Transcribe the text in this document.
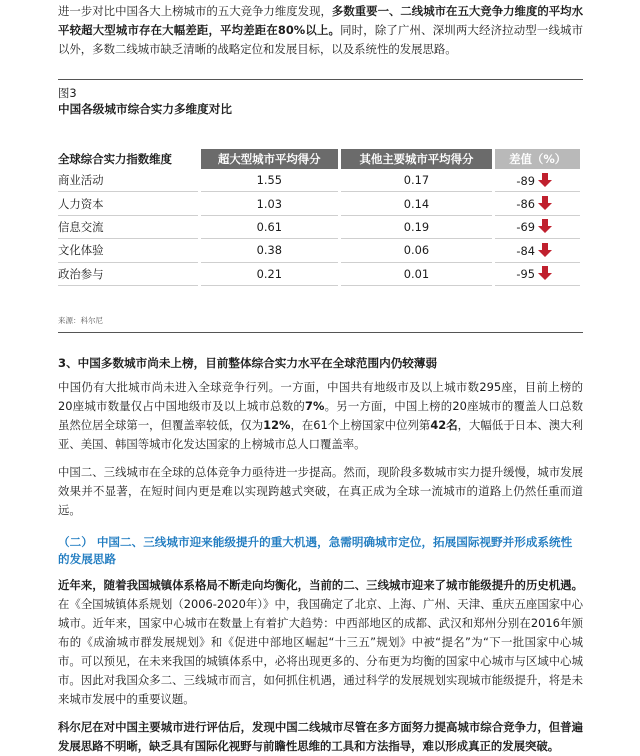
进一步对比中国各大上榜城市的五大竞争力维度发现，多数重要一、二线城市在五大竞争力维度的平均水平较超大型城市存在大幅差距，平均差距在80%以上。同时，除了广州、深圳两大经济拉动型一线城市以外，多数二线城市缺乏清晰的战略定位和发展目标，以及系统性的发展思路。

图3
中国各级城市综合实力多维度对比
全球综合实力指数维度	超大型城市平均得分	其他主要城市平均得分	差值（%）
商业活动	1.55	0.17	-89
人力资本	1.03	0.14	-86
信息交流	0.61	0.19	-69
文化体验	0.38	0.06	-84
政治参与	0.21	0.01	-95
来源：科尔尼
3、中国多数城市尚未上榜，目前整体综合实力水平在全球范围内仍较薄弱

中国仍有大批城市尚未进入全球竞争行列。一方面，中国共有地级市及以上城市数295座，目前上榜的20座城市数量仅占中国地级市及以上城市总数的7%。另一方面，中国上榜的20座城市的覆盖人口总数虽然位居全球第一，但覆盖率较低，仅为12%，在61个上榜国家中位列第42名，大幅低于日本、澳大利亚、美国、韩国等城市化发达国家的上榜城市总人口覆盖率。

中国二、三线城市在全球的总体竞争力亟待进一步提高。然而，现阶段多数城市实力提升缓慢，城市发展效果并不显著，在短时间内更是难以实现跨越式突破，在真正成为全球一流城市的道路上仍然任重而道远。

（二） 中国二、三线城市迎来能级提升的重大机遇，急需明确城市定位，拓展国际视野并形成系统性的发展思路

近年来，随着我国城镇体系格局不断走向均衡化，当前的二、三线城市迎来了城市能级提升的历史机遇。在《全国城镇体系规划（2006-2020年）》中，我国确定了北京、上海、广州、天津、重庆五座国家中心城市。近年来，国家中心城市在数量上有着扩大趋势：中西部地区的成都、武汉和郑州分别在2016年颁布的《成渝城市群发展规划》和《促进中部地区崛起“十三五”规划》中被“提名”为“下一批国家中心城市。可以预见，在未来我国的城镇体系中，必将出现更多的、分布更为均衡的国家中心城市与区域中心城市。因此对我国众多二、三线城市而言，如何抓住机遇，通过科学的发展规划实现城市能级提升，将是未来城市发展中的重要议题。

科尔尼在对中国主要城市进行评估后，发现中国二线城市尽管在多方面努力提高城市综合竞争力，但普遍发展思路不明晰，缺乏具有国际化视野与前瞻性思维的工具和方法指导，难以形成真正的发展突破。
